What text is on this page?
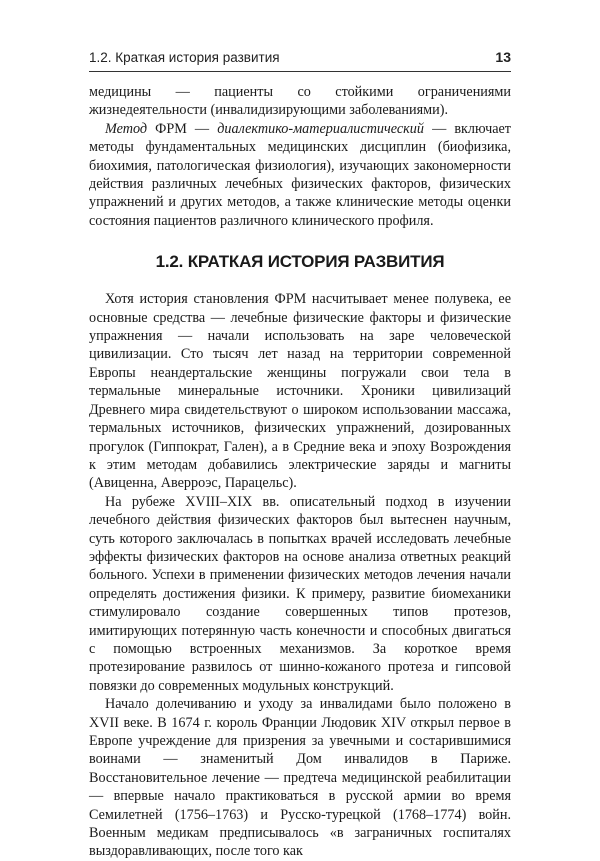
1.2. Краткая история развития	13

медицины — пациенты со стойкими ограничениями жизнедеятельности (инвалидизирующими заболеваниями).

Метод ФРМ — диалектико-материалистический — включает методы фундаментальных медицинских дисциплин (биофизика, биохимия, патологическая физиология), изучающих закономерности действия различных лечебных физических факторов, физических упражнений и других методов, а также клинические методы оценки состояния пациентов различного клинического профиля.

1.2. КРАТКАЯ ИСТОРИЯ РАЗВИТИЯ

Хотя история становления ФРМ насчитывает менее полувека, ее основные средства — лечебные физические факторы и физические упражнения — начали использовать на заре человеческой цивилизации. Сто тысяч лет назад на территории современной Европы неандертальские женщины погружали свои тела в термальные минеральные источники. Хроники цивилизаций Древнего мира свидетельствуют о широком использовании массажа, термальных источников, физических упражнений, дозированных прогулок (Гиппократ, Гален), а в Средние века и эпоху Возрождения к этим методам добавились электрические заряды и магниты (Авиценна, Аверроэс, Парацельс).

На рубеже XVIII–XIX вв. описательный подход в изучении лечебного действия физических факторов был вытеснен научным, суть которого заключалась в попытках врачей исследовать лечебные эффекты физических факторов на основе анализа ответных реакций больного. Успехи в применении физических методов лечения начали определять достижения физики. К примеру, развитие биомеханики стимулировало создание совершенных типов протезов, имитирующих потерянную часть конечности и способных двигаться с помощью встроенных механизмов. За короткое время протезирование развилось от шинно-кожаного протеза и гипсовой повязки до современных модульных конструкций.

Начало долечиванию и уходу за инвалидами было положено в XVII веке. В 1674 г. король Франции Людовик XIV открыл первое в Европе учреждение для призрения за увечными и состарившимися воинами — знаменитый Дом инвалидов в Париже. Восстановительное лечение — предтеча медицинской реабилитации — впервые начало практиковаться в русской армии во время Семилетней (1756–1763) и Русско-турецкой (1768–1774) войн. Военным медикам предписывалось «в заграничных госпиталях выздоравливающих, после того как
